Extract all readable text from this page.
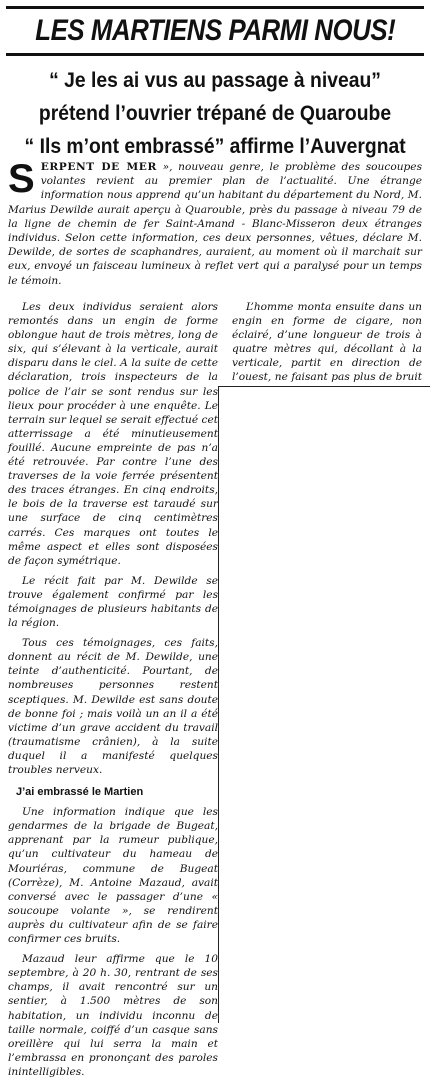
LES MARTIENS PARMI NOUS!

“ Je les ai vus au passage à niveau”

prétend l’ouvrier trépané de Quaroube

“ Ils m’ont embrassé” affirme l’Auvergnat

SERPENT DE MER », nouveau genre, le problème des soucoupes volantes revient au premier plan de l’actualité. Une étrange information nous apprend qu’un habitant du département du Nord, M. Marius Dewilde aurait aperçu à Quarouble, près du passage à niveau 79 de la ligne de chemin de fer Saint-Amand - Blanc-Misseron deux étranges individus. Selon cette information, ces deux personnes, vêtues, déclare M. Dewilde, de sortes de scaphandres, auraient, au moment où il marchait sur eux, envoyé un faisceau lumineux à reflet vert qui a paralysé pour un temps le témoin.

Les deux individus seraient alors remontés dans un engin de forme oblongue haut de trois mètres, long de six, qui s’élevant à la verticale, aurait disparu dans le ciel. A la suite de cette déclaration, trois inspecteurs de la police de l’air se sont rendus sur les lieux pour procéder à une enquête. Le terrain sur lequel se serait effectué cet atterrissage a été minutieusement fouillé. Aucune empreinte de pas n’a été retrouvée. Par contre l’une des traverses de la voie ferrée présentent des traces étranges. En cinq endroits, le bois de la traverse est taraudé sur une surface de cinq centimètres carrés. Ces marques ont toutes le même aspect et elles sont disposées de façon symétrique.

Le récit fait par M. Dewilde se trouve également confirmé par les témoignages de plusieurs habitants de la région.

Tous ces témoignages, ces faits, donnent au récit de M. Dewilde, une teinte d’authenticité. Pourtant, de nombreuses personnes restent sceptiques. M. Dewilde est sans doute de bonne foi ; mais voilà un an il a été victime d’un grave accident du travail (traumatisme crânien), à la suite duquel il a manifesté quelques troubles nerveux.

J’ai embrassé le Martien

Une information indique que les gendarmes de la brigade de Bugeat, apprenant par la rumeur publique, qu’un cultivateur du hameau de Mouriéras, commune de Bugeat (Corrèze), M. Antoine Mazaud, avait conversé avec le passager d’une « soucoupe volante », se rendirent auprès du cultivateur afin de se faire confirmer ces bruits.

Mazaud leur affirme que le 10 septembre, à 20 h. 30, rentrant de ses champs, il avait rencontré sur un sentier, à 1.500 mètres de son habitation, un individu inconnu de taille normale, coiffé d’un casque sans oreillère qui lui serra la main et l’embrassa en prononçant des paroles inintelligibles.

L’homme monta ensuite dans un engin en forme de cigare, non éclairé, d’une longueur de trois à quatre mètres qui, décollant à la verticale, partit en direction de l’ouest, ne faisant pas plus de bruit
